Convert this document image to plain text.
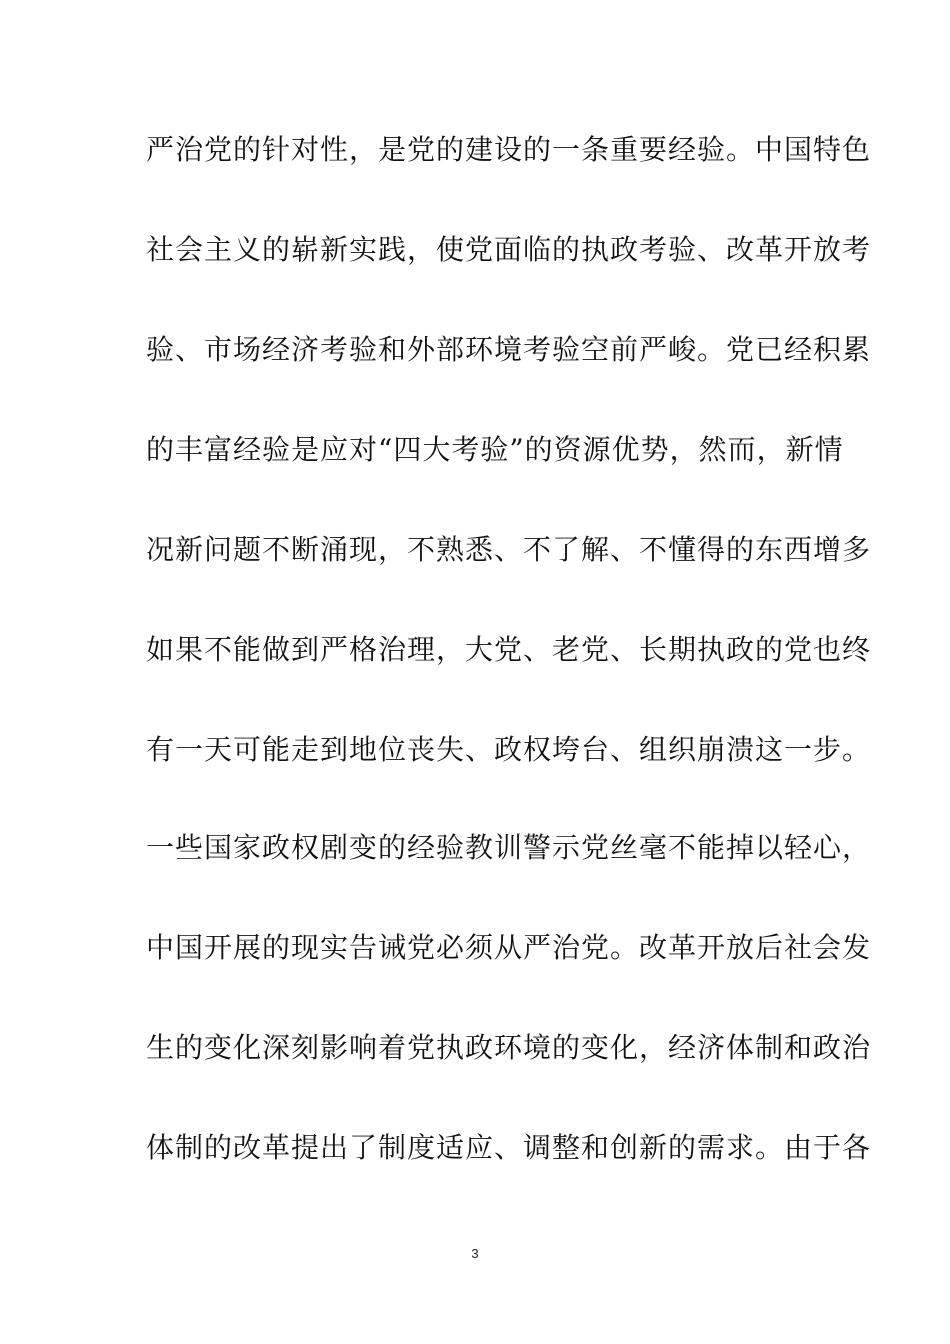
严治党的针对性，是党的建设的一条重要经验。中国特色
社会主义的崭新实践，使党面临的执政考验、改革开放考
验、市场经济考验和外部环境考验空前严峻。党已经积累
的丰富经验是应对“四大考验”的资源优势，然而，新情
况新问题不断涌现，不熟悉、不了解、不懂得的东西增多
如果不能做到严格治理，大党、老党、长期执政的党也终
有一天可能走到地位丧失、政权垮台、组织崩溃这一步。
一些国家政权剧变的经验教训警示党丝毫不能掉以轻心，
中国开展的现实告诫党必须从严治党。改革开放后社会发
生的变化深刻影响着党执政环境的变化，经济体制和政治
体制的改革提出了制度适应、调整和创新的需求。由于各
3
